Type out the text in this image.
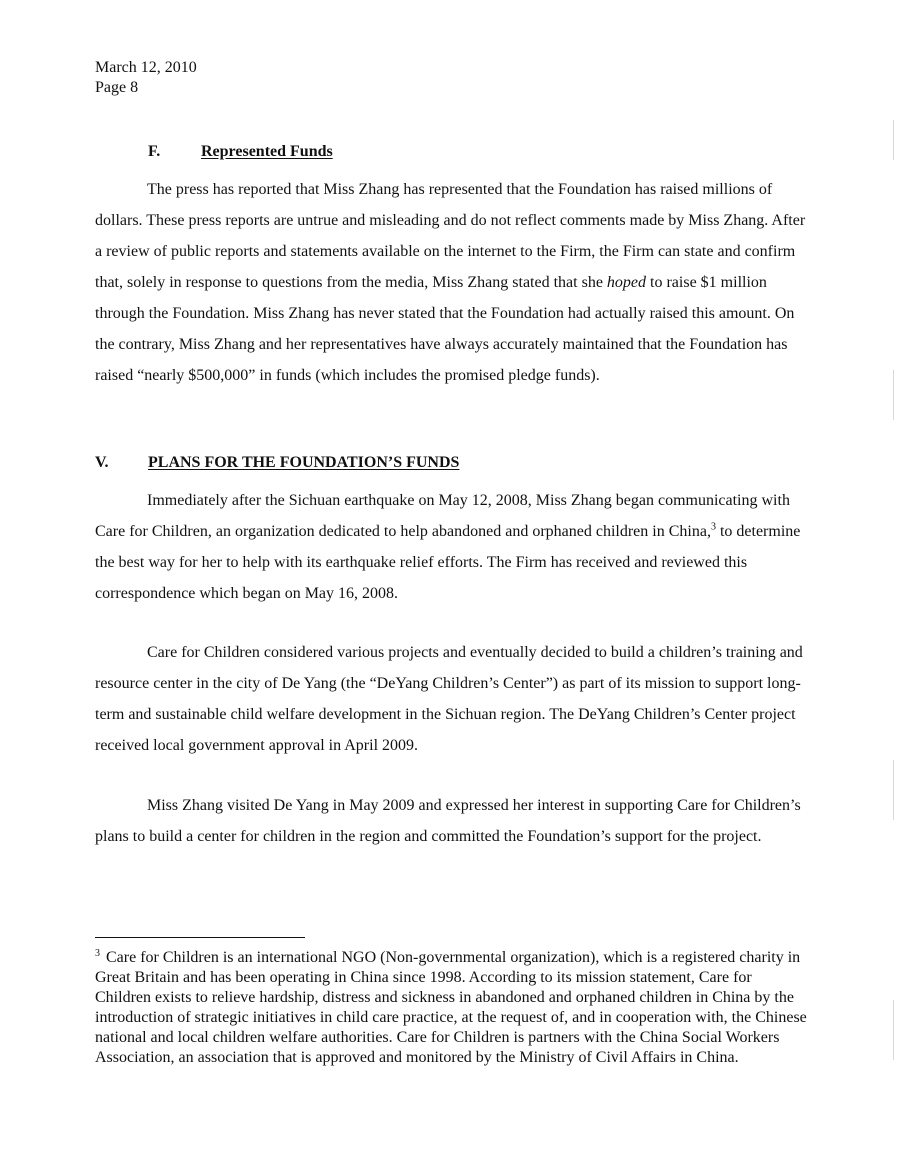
March 12, 2010
Page 8
F.	Represented Funds

The press has reported that Miss Zhang has represented that the Foundation has raised millions of dollars. These press reports are untrue and misleading and do not reflect comments made by Miss Zhang. After a review of public reports and statements available on the internet to the Firm, the Firm can state and confirm that, solely in response to questions from the media, Miss Zhang stated that she hoped to raise $1 million through the Foundation. Miss Zhang has never stated that the Foundation had actually raised this amount. On the contrary, Miss Zhang and her representatives have always accurately maintained that the Foundation has raised “nearly $500,000” in funds (which includes the promised pledge funds).

V. PLANS FOR THE FOUNDATION’S FUNDS

Immediately after the Sichuan earthquake on May 12, 2008, Miss Zhang began communicating with Care for Children, an organization dedicated to help abandoned and orphaned children in China,$^3$ to determine the best way for her to help with its earthquake relief efforts. The Firm has received and reviewed this correspondence which began on May 16, 2008.

Care for Children considered various projects and eventually decided to build a children’s training and resource center in the city of De Yang (the “DeYang Children’s Center”) as part of its mission to support long-term and sustainable child welfare development in the Sichuan region. The DeYang Children’s Center project received local government approval in April 2009.

Miss Zhang visited De Yang in May 2009 and expressed her interest in supporting Care for Children’s plans to build a center for children in the region and committed the Foundation’s support for the project.

$^3$ Care for Children is an international NGO (Non-governmental organization), which is a registered charity in Great Britain and has been operating in China since 1998. According to its mission statement, Care for Children exists to relieve hardship, distress and sickness in abandoned and orphaned children in China by the introduction of strategic initiatives in child care practice, at the request of, and in cooperation with, the Chinese national and local children welfare authorities. Care for Children is partners with the China Social Workers Association, an association that is approved and monitored by the Ministry of Civil Affairs in China.
